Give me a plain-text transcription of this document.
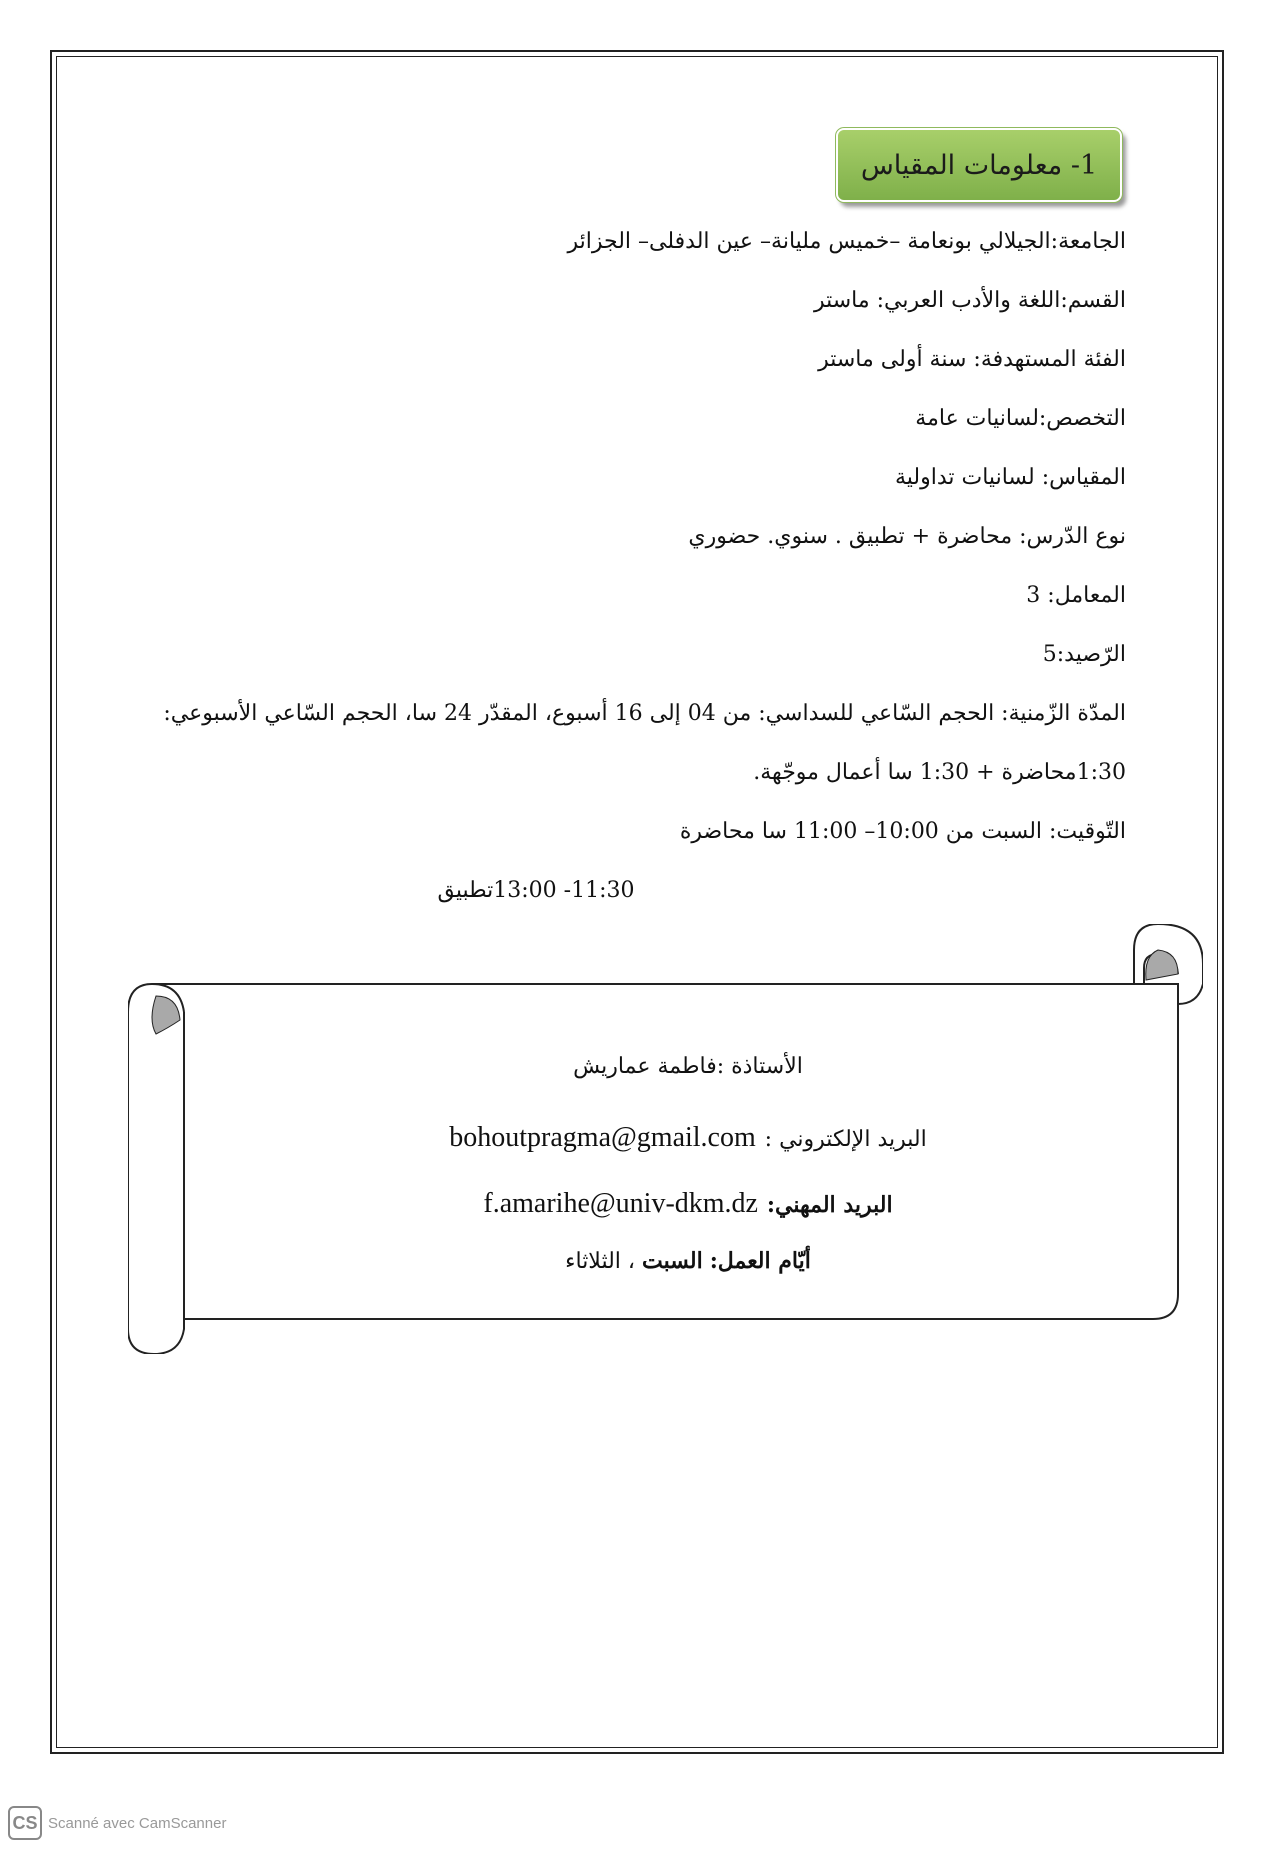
1- معلومات المقياس
الجامعة:الجيلالي بونعامة –خميس مليانة– عين الدفلى– الجزائر
القسم:اللغة والأدب العربي: ماستر
الفئة المستهدفة: سنة أولى ماستر
التخصص:لسانيات عامة
المقياس: لسانيات تداولية
نوع الدّرس: محاضرة + تطبيق . سنوي. حضوري
المعامل: 3
الرّصيد:5
المدّة الزّمنية: الحجم السّاعي للسداسي: من 04 إلى 16 أسبوع، المقدّر 24 سا، الحجم السّاعي الأسبوعي:
1:30محاضرة + 1:30 سا أعمال موجّهة.
التّوقيت: السبت من 10:00– 11:00 سا محاضرة
11:30- 13:00تطبيق
الأستاذة :فاطمة عماريش
البريد الإلكتروني : bohoutpragma@gmail.com
البريد المهني: f.amarihe@univ-dkm.dz
أيّام العمل: السبت ، الثلاثاء
CS Scanné avec CamScanner
